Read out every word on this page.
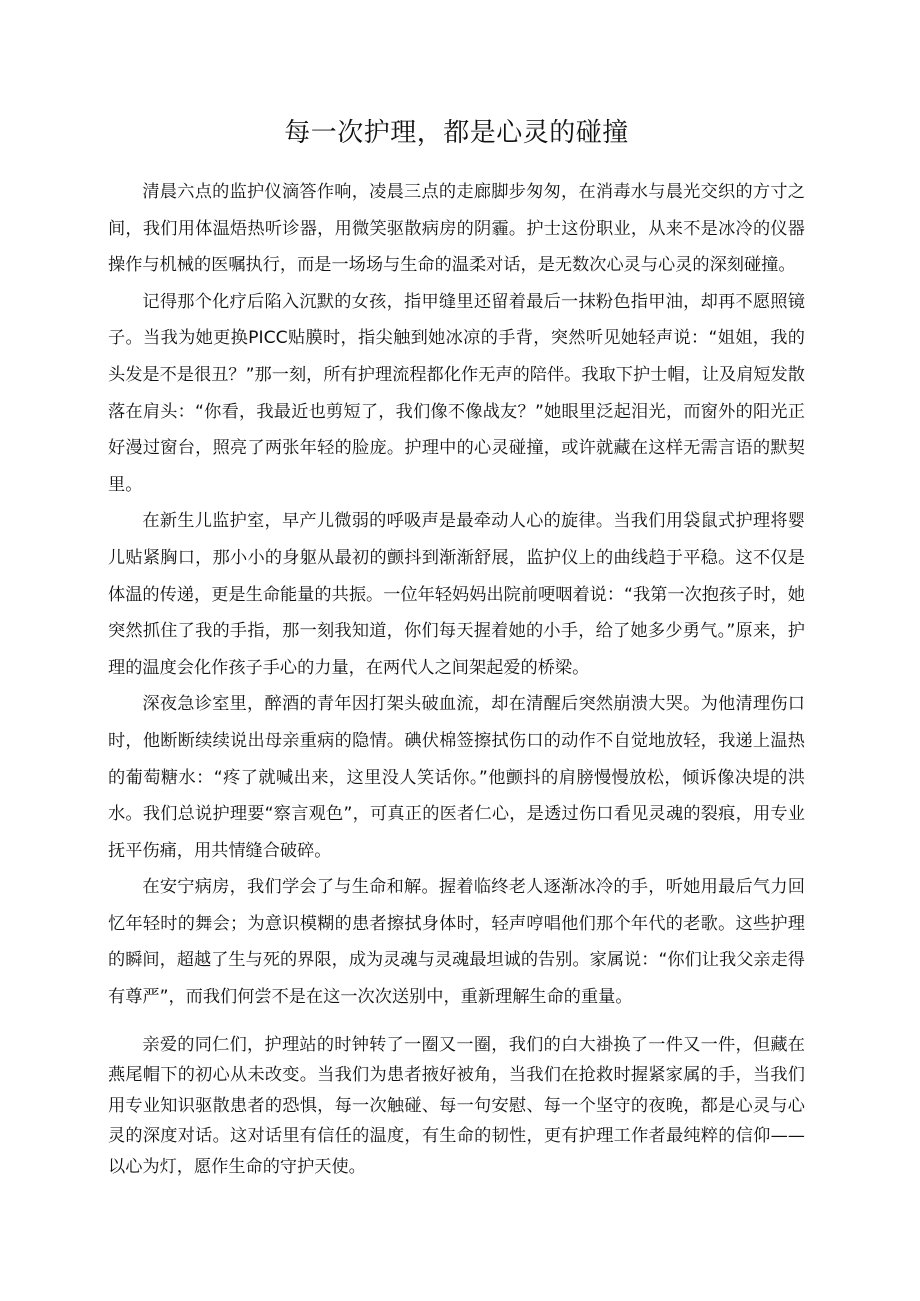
每一次护理，都是心灵的碰撞

清晨六点的监护仪滴答作响，凌晨三点的走廊脚步匆匆，在消毒水与晨光交织的方寸之间，我们用体温焐热听诊器，用微笑驱散病房的阴霾。护士这份职业，从来不是冰冷的仪器操作与机械的医嘱执行，而是一场场与生命的温柔对话，是无数次心灵与心灵的深刻碰撞。

记得那个化疗后陷入沉默的女孩，指甲缝里还留着最后一抹粉色指甲油，却再不愿照镜子。当我为她更换PICC贴膜时，指尖触到她冰凉的手背，突然听见她轻声说：“姐姐，我的头发是不是很丑？”那一刻，所有护理流程都化作无声的陪伴。我取下护士帽，让及肩短发散落在肩头：“你看，我最近也剪短了，我们像不像战友？”她眼里泛起泪光，而窗外的阳光正好漫过窗台，照亮了两张年轻的脸庞。护理中的心灵碰撞，或许就藏在这样无需言语的默契里。

在新生儿监护室，早产儿微弱的呼吸声是最牵动人心的旋律。当我们用袋鼠式护理将婴儿贴紧胸口，那小小的身躯从最初的颤抖到渐渐舒展，监护仪上的曲线趋于平稳。这不仅是体温的传递，更是生命能量的共振。一位年轻妈妈出院前哽咽着说：“我第一次抱孩子时，她突然抓住了我的手指，那一刻我知道，你们每天握着她的小手，给了她多少勇气。”原来，护理的温度会化作孩子手心的力量，在两代人之间架起爱的桥梁。

深夜急诊室里，醉酒的青年因打架头破血流，却在清醒后突然崩溃大哭。为他清理伤口时，他断断续续说出母亲重病的隐情。碘伏棉签擦拭伤口的动作不自觉地放轻，我递上温热的葡萄糖水：“疼了就喊出来，这里没人笑话你。”他颤抖的肩膀慢慢放松，倾诉像决堤的洪水。我们总说护理要“察言观色”，可真正的医者仁心，是透过伤口看见灵魂的裂痕，用专业抚平伤痛，用共情缝合破碎。

在安宁病房，我们学会了与生命和解。握着临终老人逐渐冰冷的手，听她用最后气力回忆年轻时的舞会；为意识模糊的患者擦拭身体时，轻声哼唱他们那个年代的老歌。这些护理的瞬间，超越了生与死的界限，成为灵魂与灵魂最坦诚的告别。家属说：“你们让我父亲走得有尊严”，而我们何尝不是在这一次次送别中，重新理解生命的重量。

亲爱的同仁们，护理站的时钟转了一圈又一圈，我们的白大褂换了一件又一件，但藏在燕尾帽下的初心从未改变。当我们为患者掖好被角，当我们在抢救时握紧家属的手，当我们用专业知识驱散患者的恐惧，每一次触碰、每一句安慰、每一个坚守的夜晚，都是心灵与心灵的深度对话。这对话里有信任的温度，有生命的韧性，更有护理工作者最纯粹的信仰——以心为灯，愿作生命的守护天使。
